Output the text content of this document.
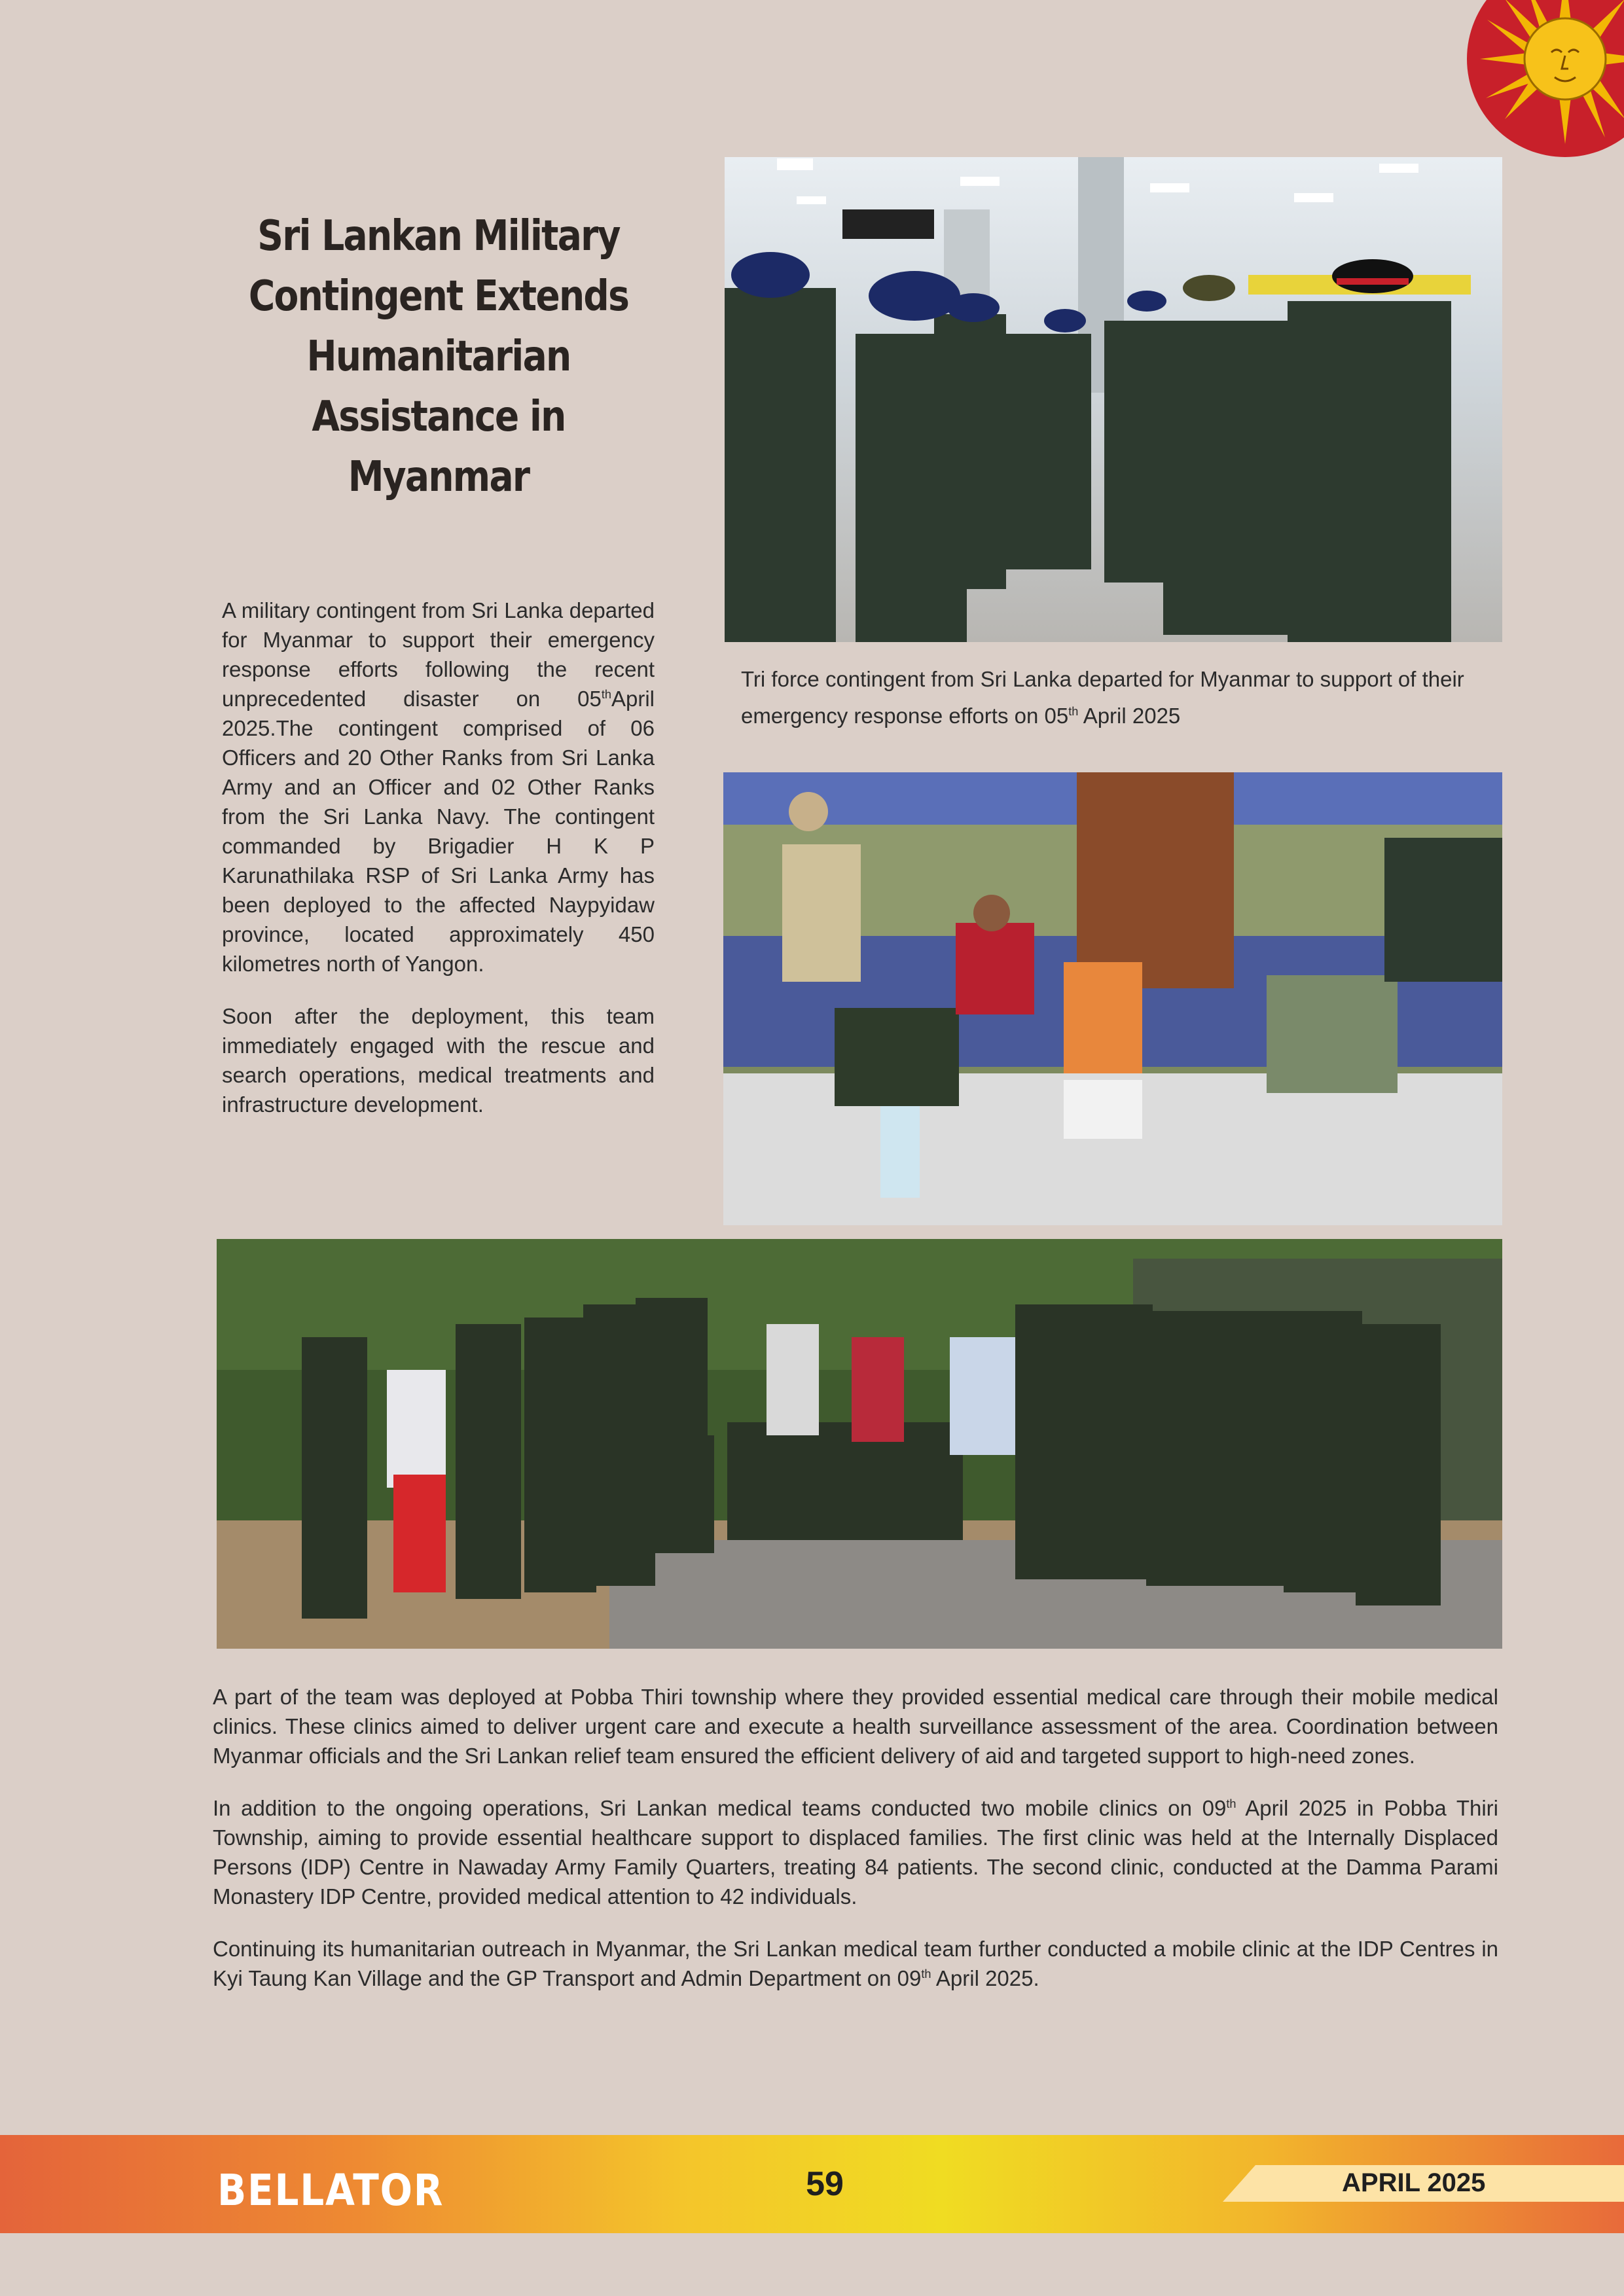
Sri Lankan Military Contingent Extends Humanitarian Assistance in Myanmar

A military contingent from Sri Lanka departed for Myanmar to support their emergency response efforts following the recent unprecedented disaster on 05thApril 2025.The contingent comprised of 06 Officers and 20 Other Ranks from Sri Lanka Army and an Officer and 02 Other Ranks from the Sri Lanka Navy. The contingent commanded by Brigadier H K P Karunathilaka RSP of Sri Lanka Army has been deployed to the affected Naypyidaw province, located approximately 450 kilometres north of Yangon.

Soon after the deployment, this team immediately engaged with the rescue and search operations, medical treatments and infrastructure development.

Tri force contingent from Sri Lanka departed for Myanmar to support of their emergency response efforts on 05th April 2025

A part of the team was deployed at Pobba Thiri township where they provided essential medical care through their mobile medical clinics. These clinics aimed to deliver urgent care and execute a health surveillance assessment of the area. Coordination between Myanmar officials and the Sri Lankan relief team ensured the efficient delivery of aid and targeted support to high-need zones.

In addition to the ongoing operations, Sri Lankan medical teams conducted two mobile clinics on 09th April 2025 in Pobba Thiri Township, aiming to provide essential healthcare support to displaced families. The first clinic was held at the Internally Displaced Persons (IDP) Centre in Nawaday Army Family Quarters, treating 84 patients. The second clinic, conducted at the Damma Parami Monastery IDP Centre, provided medical attention to 42 individuals.

Continuing its humanitarian outreach in Myanmar, the Sri Lankan medical team further conducted a mobile clinic at the IDP Centres in Kyi Taung Kan Village and the GP Transport and Admin Department on 09th April 2025.

BELLATOR	59	APRIL 2025
